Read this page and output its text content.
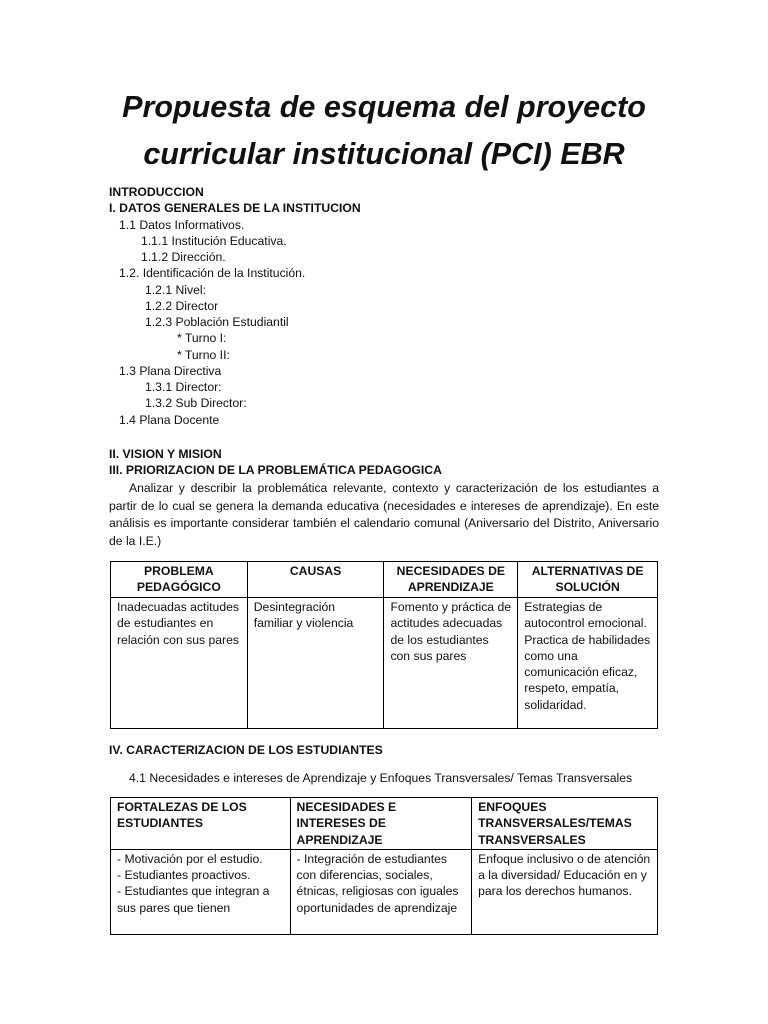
Propuesta de esquema del proyecto
curricular institucional (PCI) EBR
INTRODUCCION
I. DATOS GENERALES DE LA INSTITUCION
1.1 Datos Informativos.
1.1.1 Institución Educativa.
1.1.2 Dirección.
1.2. Identificación de la Institución.
1.2.1 Nivel:
1.2.2 Director
1.2.3 Población Estudiantil
* Turno I:
* Turno II:
1.3 Plana Directiva
1.3.1 Director:
1.3.2 Sub Director:
1.4 Plana Docente
II. VISION Y MISION
III. PRIORIZACION DE LA PROBLEMÁTICA PEDAGOGICA
Analizar y describir la problemática relevante, contexto y caracterización de los estudiantes a partir de lo cual se genera la demanda educativa (necesidades e intereses de aprendizaje). En este análisis es importante considerar también el calendario comunal (Aniversario del Distrito, Aniversario de la I.E.)
PROBLEMA PEDAGÓGICO	CAUSAS	NECESIDADES DE APRENDIZAJE	ALTERNATIVAS DE SOLUCIÓN
Inadecuadas actitudes de estudiantes en relación con sus pares	Desintegración familiar y violencia	Fomento y práctica de actitudes adecuadas de los estudiantes con sus pares	Estrategias de autocontrol emocional. Practica de habilidades como una comunicación eficaz, respeto, empatía, solidaridad.
IV. CARACTERIZACION DE LOS ESTUDIANTES
4.1 Necesidades e intereses de Aprendizaje y Enfoques Transversales/ Temas Transversales
FORTALEZAS DE LOS ESTUDIANTES	NECESIDADES E INTERESES DE APRENDIZAJE	ENFOQUES TRANSVERSALES/TEMAS TRANSVERSALES

- Motivación por el estudio.
- Estudiantes proactivos.
- Estudiantes que integran a sus pares que tienen	- Integración de estudiantes con diferencias, sociales, étnicas, religiosas con iguales oportunidades de aprendizaje	Enfoque inclusivo o de atención a la diversidad/ Educación en y para los derechos humanos.
